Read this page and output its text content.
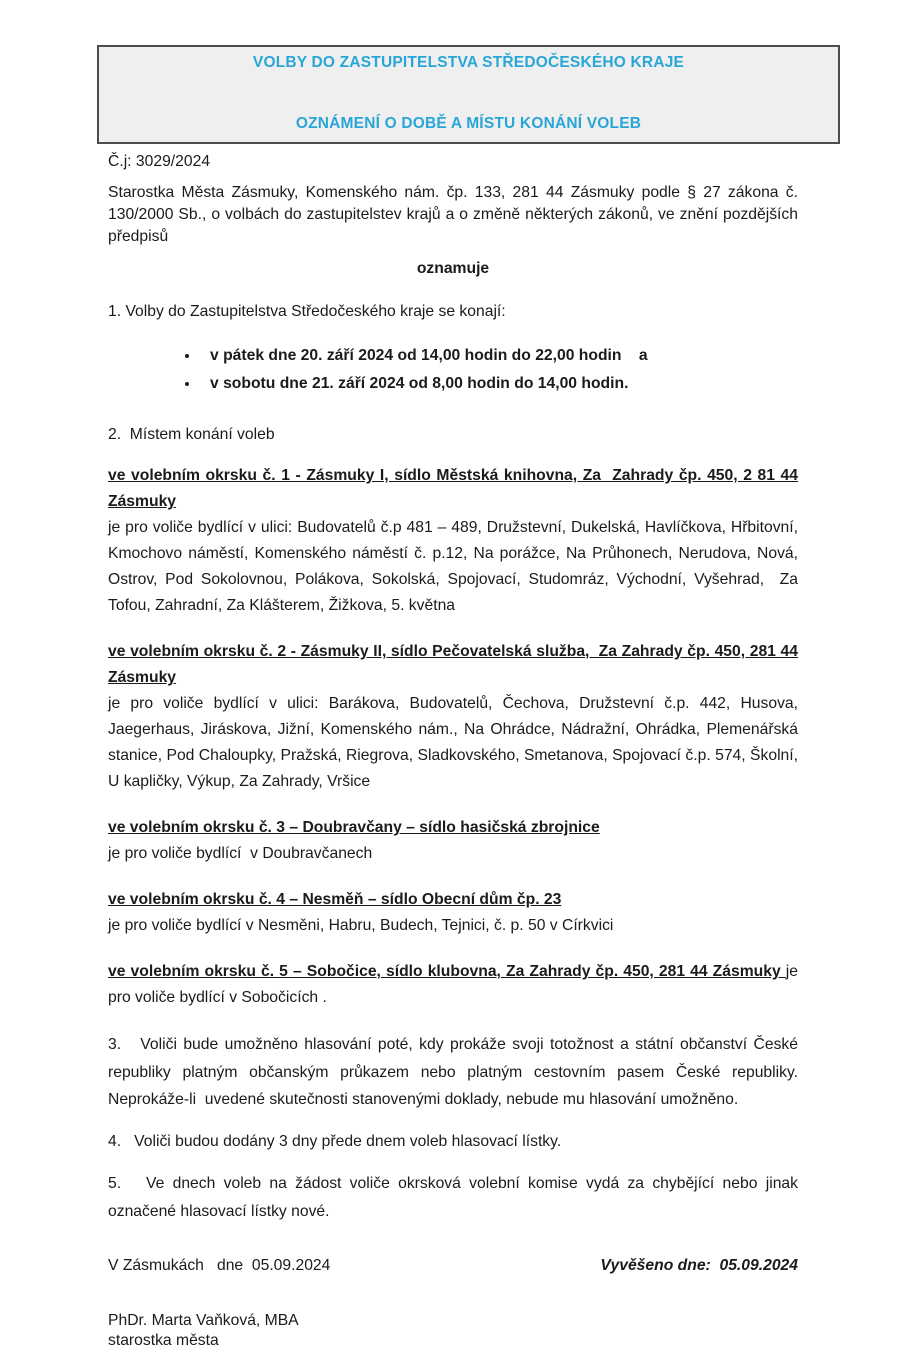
VOLBY DO ZASTUPITELSTVA STŘEDOČESKÉHO KRAJE
OZNÁMENÍ O DOBĚ A MÍSTU KONÁNÍ VOLEB
Č.j: 3029/2024

Starostka Města Zásmuky, Komenského nám. čp. 133, 281 44 Zásmuky podle § 27 zákona č. 130/2000 Sb., o volbách do zastupitelstev krajů a o změně některých zákonů, ve znění pozdějších předpisů

oznamuje

1. Volby do Zastupitelstva Středočeského kraje se konají:

• v pátek dne 20. září 2024 od 14,00 hodin do 22,00 hodin    a
• v sobotu dne 21. září 2024 od 8,00 hodin do 14,00 hodin.

2.  Místem konání voleb

ve volebním okrsku č. 1 - Zásmuky I, sídlo Městská knihovna, Za  Zahrady čp. 450, 2 81 44 Zásmuky
je pro voliče bydlící v ulici: Budovatelů č.p 481 – 489, Družstevní, Dukelská, Havlíčkova, Hřbitovní, Kmochovo náměstí, Komenského náměstí č. p.12, Na porážce, Na Průhonech, Nerudova, Nová, Ostrov, Pod Sokolovnou, Polákova, Sokolská, Spojovací, Studomráz, Východní, Vyšehrad,  Za Tofou, Zahradní, Za Klášterem, Žižkova, 5. května
ve volebním okrsku č. 2 - Zásmuky II, sídlo Pečovatelská služba,  Za Zahrady čp. 450, 281 44 Zásmuky
je pro voliče bydlící v ulici: Barákova, Budovatelů, Čechova, Družstevní č.p. 442, Husova, Jaegerhaus, Jiráskova, Jižní, Komenského nám., Na Ohrádce, Nádražní, Ohrádka, Plemenářská stanice, Pod Chaloupky, Pražská, Riegrova, Sladkovského, Smetanova, Spojovací č.p. 574, Školní, U kapličky, Výkup, Za Zahrady, Vršice
ve volebním okrsku č. 3 – Doubravčany – sídlo hasičská zbrojnice
je pro voliče bydlící  v Doubravčanech
ve volebním okrsku č. 4 – Nesměň – sídlo Obecní dům čp. 23
je pro voliče bydlící v Nesměni, Habru, Budech, Tejnici, č. p. 50 v Církvici

ve volebním okrsku č. 5 – Sobočice, sídlo klubovna, Za Zahrady čp. 450, 281 44 Zásmuky je pro voliče bydlící v Sobočicích .

3.   Voliči bude umožněno hlasování poté, kdy prokáže svoji totožnost a státní občanství České republiky platným občanským průkazem nebo platným cestovním pasem České republiky. Neprokáže-li  uvedené skutečnosti stanovenými doklady, nebude mu hlasování umožněno.

4.   Voliči budou dodány 3 dny přede dnem voleb hlasovací lístky.

5.   Ve dnech voleb na žádost voliče okrsková volební komise vydá za chybějící nebo jinak označené hlasovací lístky nové.

V Zásmukách   dne  05.09.2024	Vyvěšeno dne:  05.09.2024
PhDr. Marta Vaňková, MBA
starostka města
